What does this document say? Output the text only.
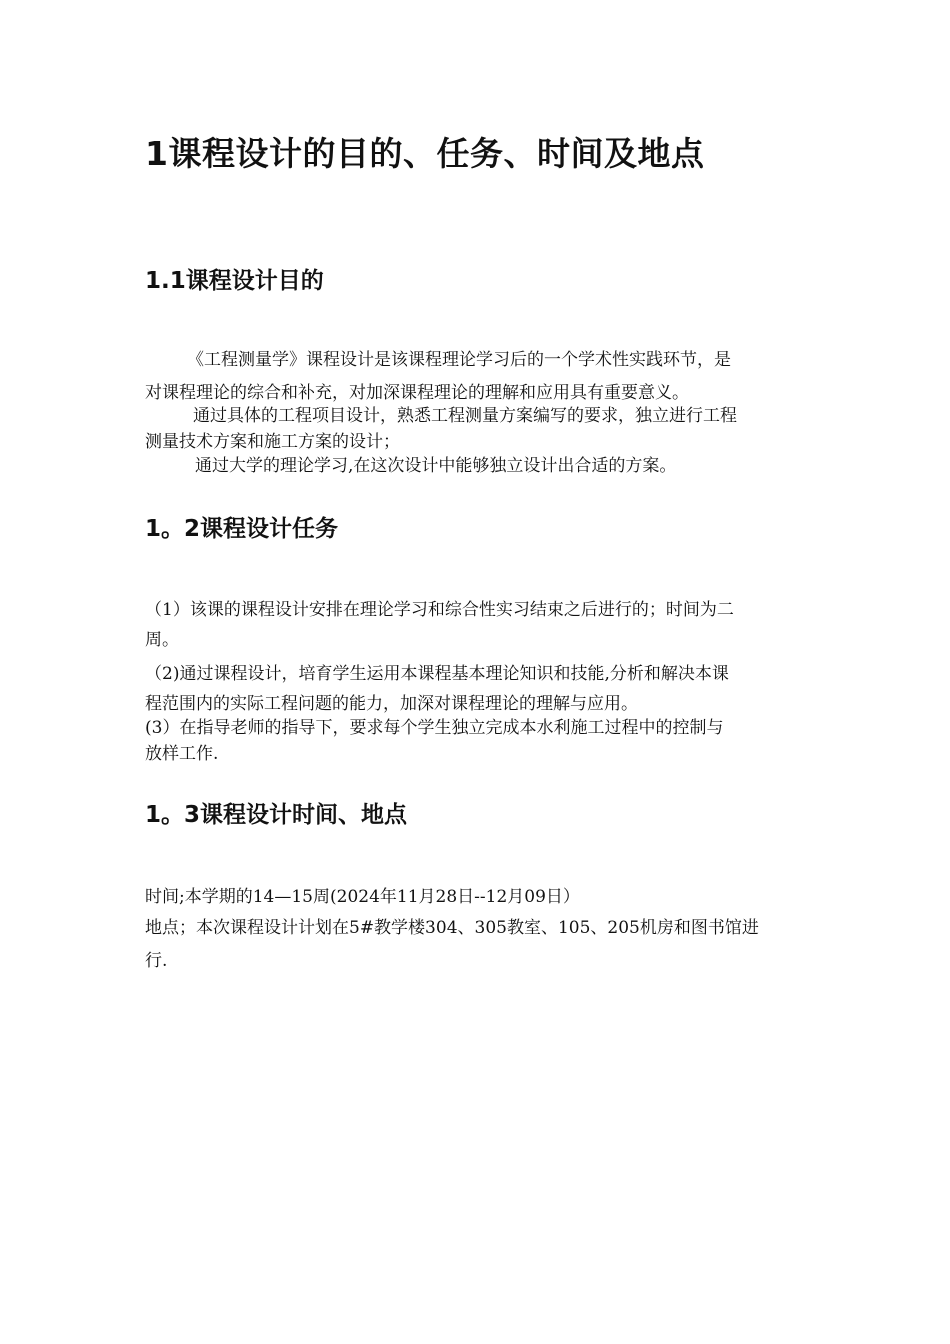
1课程设计的目的、任务、时间及地点
1.1课程设计目的

《工程测量学》课程设计是该课程理论学习后的一个学术性实践环节，是

对课程理论的综合和补充，对加深课程理论的理解和应用具有重要意义。

通过具体的工程项目设计，熟悉工程测量方案编写的要求，独立进行工程

测量技术方案和施工方案的设计；

通过大学的理论学习,在这次设计中能够独立设计出合适的方案。

1。2课程设计任务

（1）该课的课程设计安排在理论学习和综合性实习结束之后进行的；时间为二

周。

（2)通过课程设计，培育学生运用本课程基本理论知识和技能,分析和解决本课

程范围内的实际工程问题的能力，加深对课程理论的理解与应用。

(3）在指导老师的指导下，要求每个学生独立完成本水利施工过程中的控制与

放样工作.

1。3课程设计时间、地点

时间;本学期的14—15周(2024年11月28日--12月09日）

地点；本次课程设计计划在5#教学楼304、305教室、105、205机房和图书馆进

行.
